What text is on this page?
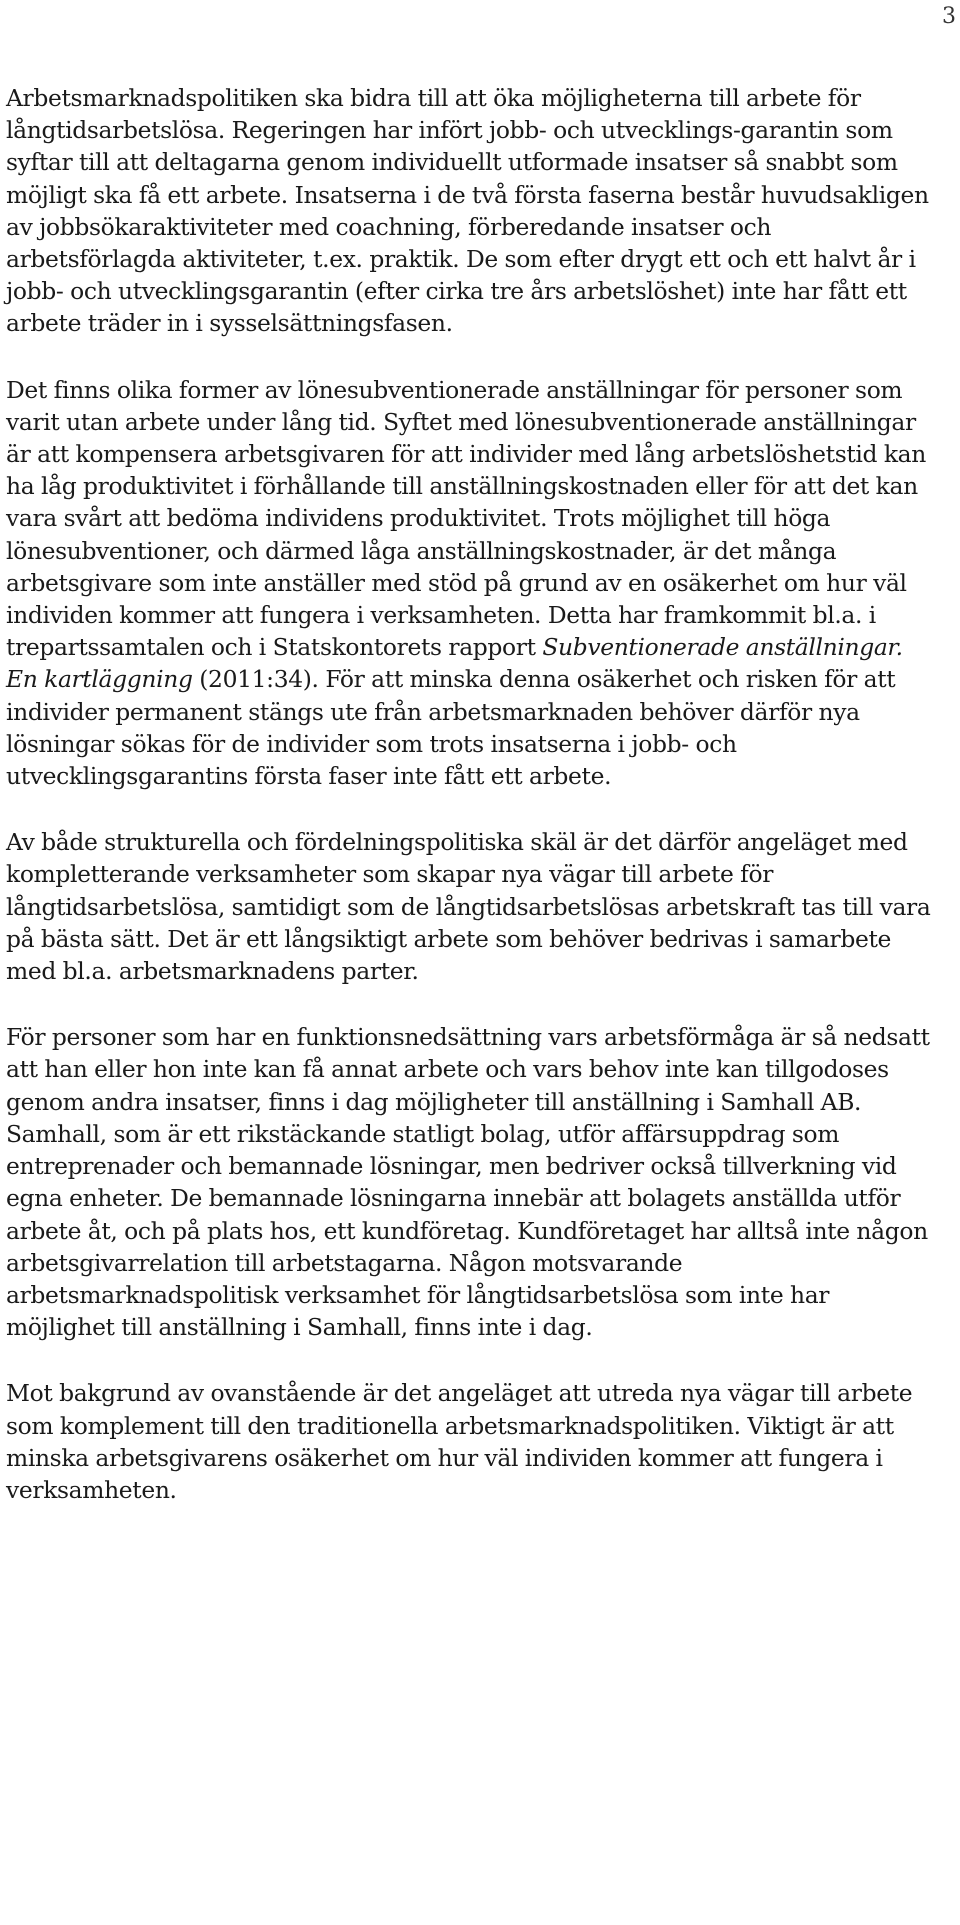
3

Arbetsmarknadspolitiken ska bidra till att öka möjligheterna till arbete för långtidsarbetslösa. Regeringen har infört jobb- och utvecklings-garantin som syftar till att deltagarna genom individuellt utformade insatser så snabbt som möjligt ska få ett arbete. Insatserna i de två första faserna består huvudsakligen av jobbsökaraktiviteter med coachning, förberedande insatser och arbetsförlagda aktiviteter, t.ex. praktik. De som efter drygt ett och ett halvt år i jobb- och utvecklingsgarantin (efter cirka tre års arbetslöshet) inte har fått ett arbete träder in i sysselsättningsfasen.

Det finns olika former av lönesubventionerade anställningar för personer som varit utan arbete under lång tid. Syftet med lönesubventionerade anställningar är att kompensera arbetsgivaren för att individer med lång arbetslöshetstid kan ha låg produktivitet i förhållande till anställningskostnaden eller för att det kan vara svårt att bedöma individens produktivitet. Trots möjlighet till höga lönesubventioner, och därmed låga anställningskostnader, är det många arbetsgivare som inte anställer med stöd på grund av en osäkerhet om hur väl individen kommer att fungera i verksamheten. Detta har framkommit bl.a. i trepartssamtalen och i Statskontorets rapport Subventionerade anställningar. En kartläggning (2011:34). För att minska denna osäkerhet och risken för att individer permanent stängs ute från arbetsmarknaden behöver därför nya lösningar sökas för de individer som trots insatserna i jobb- och utvecklingsgarantins första faser inte fått ett arbete.

Av både strukturella och fördelningspolitiska skäl är det därför angeläget med kompletterande verksamheter som skapar nya vägar till arbete för långtidsarbetslösa, samtidigt som de långtidsarbetslösas arbetskraft tas till vara på bästa sätt. Det är ett långsiktigt arbete som behöver bedrivas i samarbete med bl.a. arbetsmarknadens parter.

För personer som har en funktionsnedsättning vars arbetsförmåga är så nedsatt att han eller hon inte kan få annat arbete och vars behov inte kan tillgodoses genom andra insatser, finns i dag möjligheter till anställning i Samhall AB. Samhall, som är ett rikstäckande statligt bolag, utför affärsuppdrag som entreprenader och bemannade lösningar, men bedriver också tillverkning vid egna enheter. De bemannade lösningarna innebär att bolagets anställda utför arbete åt, och på plats hos, ett kundföretag. Kundföretaget har alltså inte någon arbetsgivarrelation till arbetstagarna. Någon motsvarande arbetsmarknadspolitisk verksamhet för långtidsarbetslösa som inte har möjlighet till anställning i Samhall, finns inte i dag.

Mot bakgrund av ovanstående är det angeläget att utreda nya vägar till arbete som komplement till den traditionella arbetsmarknadspolitiken. Viktigt är att minska arbetsgivarens osäkerhet om hur väl individen kommer att fungera i verksamheten.
